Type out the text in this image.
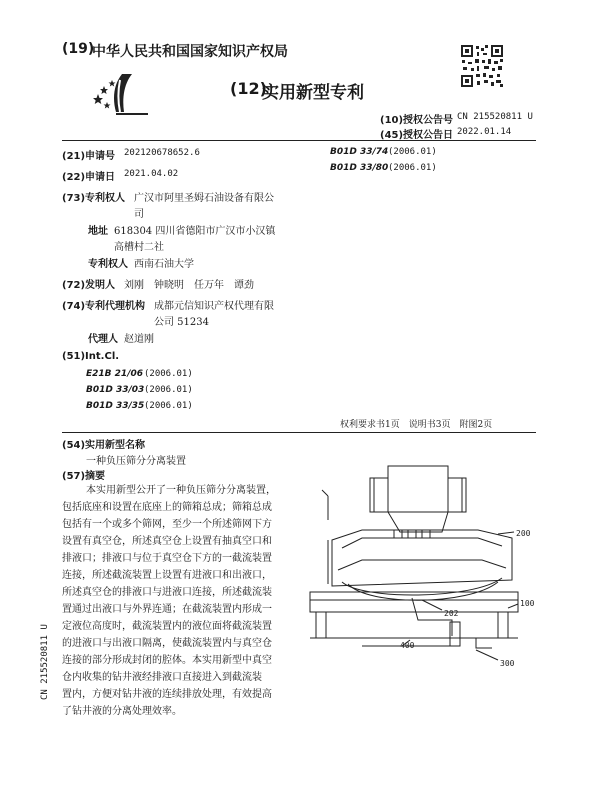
(19)
中华人民共和国国家知识产权局
(12)
实用新型专利
(10)授权公告号 CN 215520811 U
(45)授权公告日 2022.01.14
(21)申请号 202120678652.6
(22)申请日 2021.04.02
(73)专利权人 广汉市阿里圣姆石油设备有限公
司
地址 618304 四川省德阳市广汉市小汉镇
高槽村二社
专利权人 西南石油大学
(72)发明人 刘刚　钟晓明　任万年　谭劲
(74)专利代理机构 成都元信知识产权代理有限
公司 51234
代理人 赵道刚
(51)Int.Cl.
E21B 21/06 (2006.01)
B01D 33/03 (2006.01)
B01D 33/35 (2006.01)
B01D 33/74 (2006.01)
B01D 33/80 (2006.01)
权利要求书1页　说明书3页　附图2页
(54)实用新型名称
一种负压筛分分离装置
(57)摘要
本实用新型公开了一种负压筛分分离装置，
包括底座和设置在底座上的筛箱总成；筛箱总成
包括有一个或多个筛网，至少一个所述筛网下方
设置有真空仓，所述真空仓上设置有抽真空口和
排液口；排液口与位于真空仓下方的一截流装置
连接，所述截流装置上设置有进液口和出液口，
所述真空仓的排液口与进液口连接，所述截流装
置通过出液口与外界连通；在截流装置内形成一
定液位高度时，截流装置内的液位面将截流装置
的进液口与出液口隔离，使截流装置内与真空仓
连接的部分形成封闭的腔体。本实用新型中真空
仓内收集的钻井液经排液口直接进入到截流装
置内，方便对钻井液的连续排放处理，有效提高
了钻井液的分离处理效率。
200
202
100
400
300
CN 215520811 U
